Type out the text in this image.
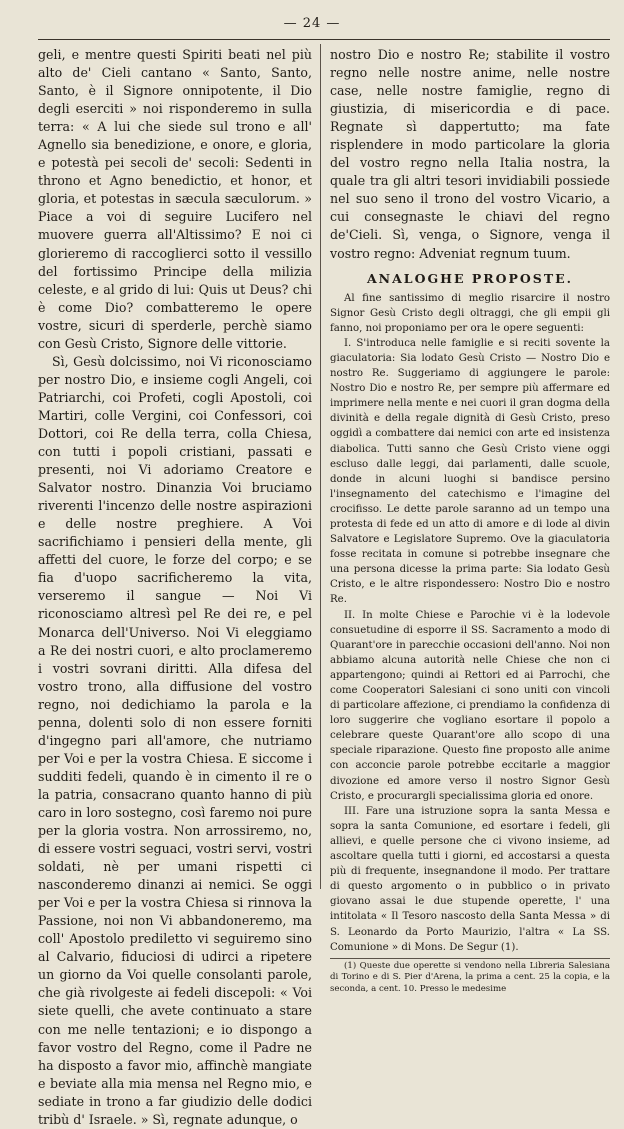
— 24 —

geli, e mentre questi Spiriti beati nel più alto de' Cieli cantano « Santo, Santo, Santo, è il Signore onnipotente, il Dio degli eserciti » noi risponderemo in sulla terra: « A lui che siede sul trono e all' Agnello sia benedizione, e onore, e gloria, e potestà pei secoli de' secoli: Sedenti in throno et Agno benedictio, et honor, et gloria, et potestas in sæcula sæculorum. » Piace a voi di seguire Lucifero nel muovere guerra all'Altissimo? E noi ci glorieremo di raccoglierci sotto il vessillo del fortissimo Principe della milizia celeste, e al grido di lui: Quis ut Deus? chi è come Dio? combatteremo le opere vostre, sicuri di sperderle, perchè siamo con Gesù Cristo, Signore delle vittorie.

Sì, Gesù dolcissimo, noi Vi riconosciamo per nostro Dio, e insieme cogli Angeli, coi Patriarchi, coi Profeti, cogli Apostoli, coi Martiri, colle Vergini, coi Confessori, coi Dottori, coi Re della terra, colla Chiesa, con tutti i popoli cristiani, passati e presenti, noi Vi adoriamo Creatore e Salvator nostro. Dinanzia Voi bruciamo riverenti l'incenzo delle nostre aspirazioni e delle nostre preghiere. A Voi sacrifichiamo i pensieri della mente, gli affetti del cuore, le forze del corpo; e se fia d'uopo sacrificheremo la vita, verseremo il sangue — Noi Vi riconosciamo altresì pel Re dei re, e pel Monarca dell'Universo. Noi Vi eleggiamo a Re dei nostri cuori, e alto proclameremo i vostri sovrani diritti. Alla difesa del vostro trono, alla diffusione del vostro regno, noi dedichiamo la parola e la penna, dolenti solo di non essere forniti d'ingegno pari all'amore, che nutriamo per Voi e per la vostra Chiesa. E siccome i sudditi fedeli, quando è in cimento il re o la patria, consacrano quanto hanno di più caro in loro sostegno, così faremo noi pure per la gloria vostra. Non arrossiremo, no, di essere vostri seguaci, vostri servi, vostri soldati, nè per umani rispetti ci nasconderemo dinanzi ai nemici. Se oggi per Voi e per la vostra Chiesa si rinnova la Passione, noi non Vi abbandoneremo, ma coll' Apostolo prediletto vi seguiremo sino al Calvario, fiduciosi di udirci a ripetere un giorno da Voi quelle consolanti parole, che già rivolgeste ai fedeli discepoli: « Voi siete quelli, che avete continuato a stare con me nelle tentazioni; e io dispongo a favor vostro del Regno, come il Padre ne ha disposto a favor mio, affinchè mangiate e beviate alla mia mensa nel Regno mio, e sediate in trono a far giudizio delle dodici tribù d' Israele. » Sì, regnate adunque, o

nostro Dio e nostro Re; stabilite il vostro regno nelle nostre anime, nelle nostre case, nelle nostre famiglie, regno di giustizia, di misericordia e di pace. Regnate sì dappertutto; ma fate risplendere in modo particolare la gloria del vostro regno nella Italia nostra, la quale tra gli altri tesori invidiabili possiede nel suo seno il trono del vostro Vicario, a cui consegnaste le chiavi del regno de'Cieli. Sì, venga, o Signore, venga il vostro regno: Adveniat regnum tuum.

ANALOGHE PROPOSTE.

Al fine santissimo di meglio risarcire il nostro Signor Gesù Cristo degli oltraggi, che gli empii gli fanno, noi proponiamo per ora le opere seguenti:

I. S'introduca nelle famiglie e si reciti sovente la giaculatoria: Sia lodato Gesù Cristo — Nostro Dio e nostro Re. Suggeriamo di aggiungere le parole: Nostro Dio e nostro Re, per sempre più affermare ed imprimere nella mente e nei cuori il gran dogma della divinità e della regale dignità di Gesù Cristo, preso oggidì a combattere dai nemici con arte ed insistenza diabolica. Tutti sanno che Gesù Cristo viene oggi escluso dalle leggi, dai parlamenti, dalle scuole, donde in alcuni luoghi si bandisce persino l'insegnamento del catechismo e l'imagine del crocifisso. Le dette parole saranno ad un tempo una protesta di fede ed un atto di amore e di lode al divin Salvatore e Legislatore Supremo. Ove la giaculatoria fosse recitata in comune si potrebbe insegnare che una persona dicesse la prima parte: Sia lodato Gesù Cristo, e le altre rispondessero: Nostro Dio e nostro Re.

II. In molte Chiese e Parochie vi è la lodevole consuetudine di esporre il SS. Sacramento a modo di Quarant'ore in parecchie occasioni dell'anno. Noi non abbiamo alcuna autorità nelle Chiese che non ci appartengono; quindi ai Rettori ed ai Parrochi, che come Cooperatori Salesiani ci sono uniti con vincoli di particolare affezione, ci prendiamo la confidenza di loro suggerire che vogliano esortare il popolo a celebrare queste Quarant'ore allo scopo di una speciale riparazione. Questo fine proposto alle anime con acconcie parole potrebbe eccitarle a maggior divozione ed amore verso il nostro Signor Gesù Cristo, e procurargli specialissima gloria ed onore.

III. Fare una istruzione sopra la santa Messa e sopra la santa Comunione, ed esortare i fedeli, gli allievi, e quelle persone che ci vivono insieme, ad ascoltare quella tutti i giorni, ed accostarsi a questa più di frequente, insegnandone il modo. Per trattare di questo argomento o in pubblico o in privato giovano assai le due stupende operette, l' una intitolata « Il Tesoro nascosto della Santa Messa » di S. Leonardo da Porto Maurizio, l'altra « La SS. Comunione » di Mons. De Segur (1).

(1) Queste due operette si vendono nella Libreria Salesiana di Torino e di S. Pier d'Arena, la prima a cent. 25 la copia, e la seconda, a cent. 10. Presso le medesime
